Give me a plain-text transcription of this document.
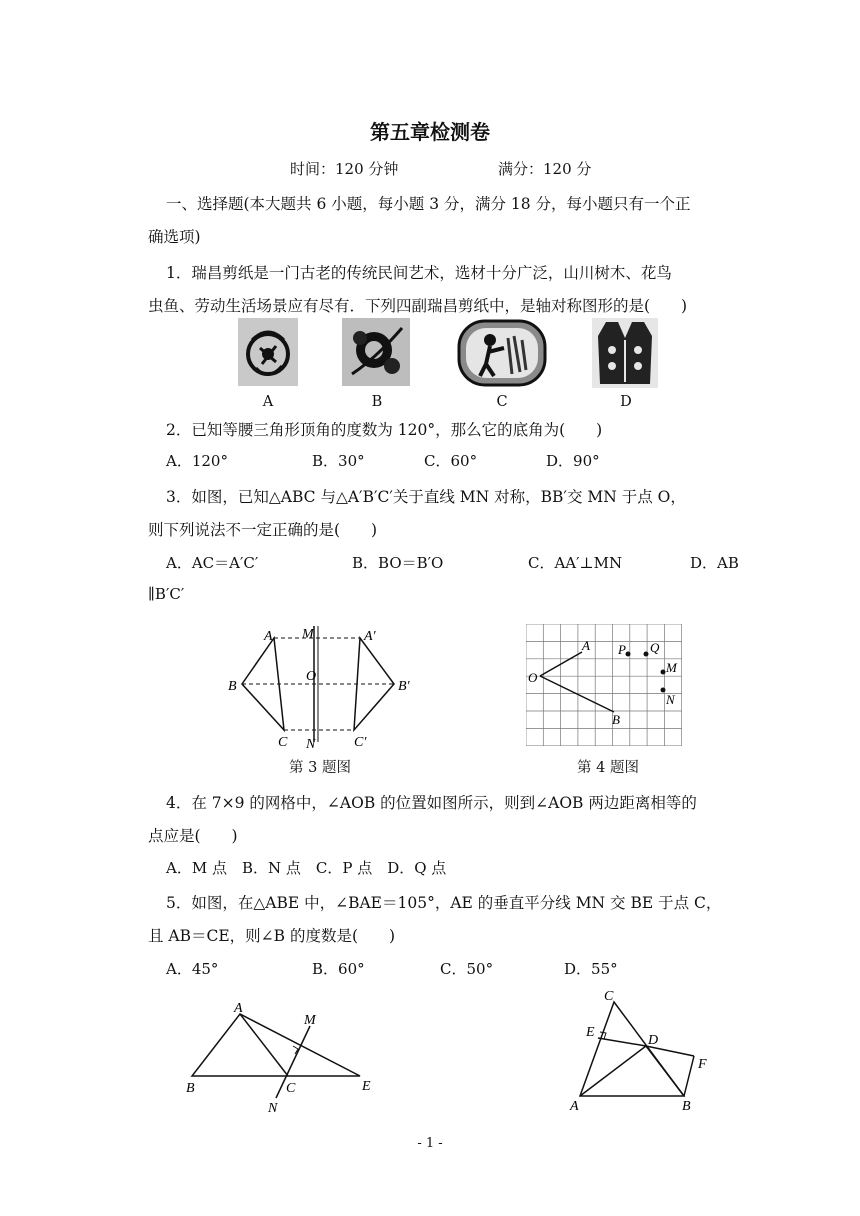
第五章检测卷
时间：120 分钟	满分：120 分
一、选择题(本大题共 6 小题，每小题 3 分，满分 18 分，每小题只有一个正
确选项)
1．瑞昌剪纸是一门古老的传统民间艺术，选材十分广泛，山川树木、花鸟
虫鱼、劳动生活场景应有尽有．下列四副瑞昌剪纸中，是轴对称图形的是(　　)
A	B	C	D
2．已知等腰三角形顶角的度数为 120°，那么它的底角为(　　)
A．120°	B．30°	C．60°	D．90°
3．如图，已知△ABC 与△A′B′C′关于直线 MN 对称，BB′交 MN 于点 O，
则下列说法不一定正确的是(　　)
A．AC＝A′C′	B．BO＝B′O	C．AA′⊥MN	D．AB
∥B′C′
A M	A′
B
O
B′
C N	C′
第 3 题图
A P Q
M
O
N
B
第 4 题图
4．在 7×9 的网格中，∠AOB 的位置如图所示，则到∠AOB 两边距离相等的
点应是(　　)
A．M 点　B．N 点　C．P 点　D．Q 点
5．如图，在△ABE 中，∠BAE＝105°，AE 的垂直平分线 MN 交 BE 于点 C，
且 AB＝CE，则∠B 的度数是(　　)
A．45°	B．60°	C．50°	D．55°
A
M
B	C	E
N
C
E
D
F
A	B
- 1 -
